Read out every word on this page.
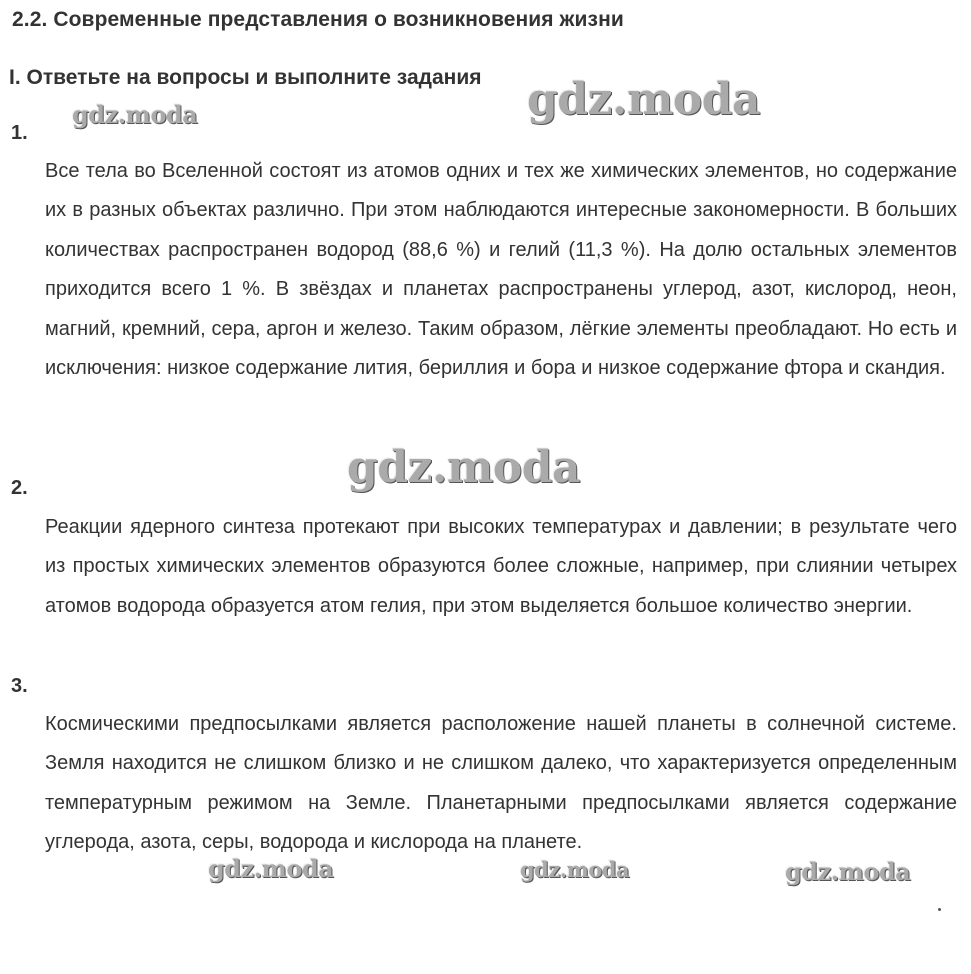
2.2. Современные представления о возникновения жизни
I. Ответьте на вопросы и выполните задания
1.

Все тела во Вселенной состоят из атомов одних и тех же химических элементов, но содержание их в разных объектах различно. При этом наблюдаются интересные закономерности. В больших количествах распространен водород (88,6 %) и гелий (11,3 %). На долю остальных элементов приходится всего 1 %. В звёздах и планетах распространены углерод, азот, кислород, неон, магний, кремний, сера, аргон и железо. Таким образом, лёгкие элементы преобладают. Но есть и исключения: низкое содержание лития, бериллия и бора и низкое содержание фтора и скандия.

2.

Реакции ядерного синтеза протекают при высоких температурах и давлении; в результате чего из простых химических элементов образуются более сложные, например, при слиянии четырех атомов водорода образуется атом гелия, при этом выделяется большое количество энергии.

3.

Космическими предпосылками является расположение нашей планеты в солнечной системе. Земля находится не слишком близко и не слишком далеко, что характеризуется определенным температурным режимом на Земле. Планетарными предпосылками является содержание углерода, азота, серы, водорода и кислорода на планете.

gdz.moda	gdz.moda
gdz.moda
gdz.moda	gdz.moda	gdz.moda
